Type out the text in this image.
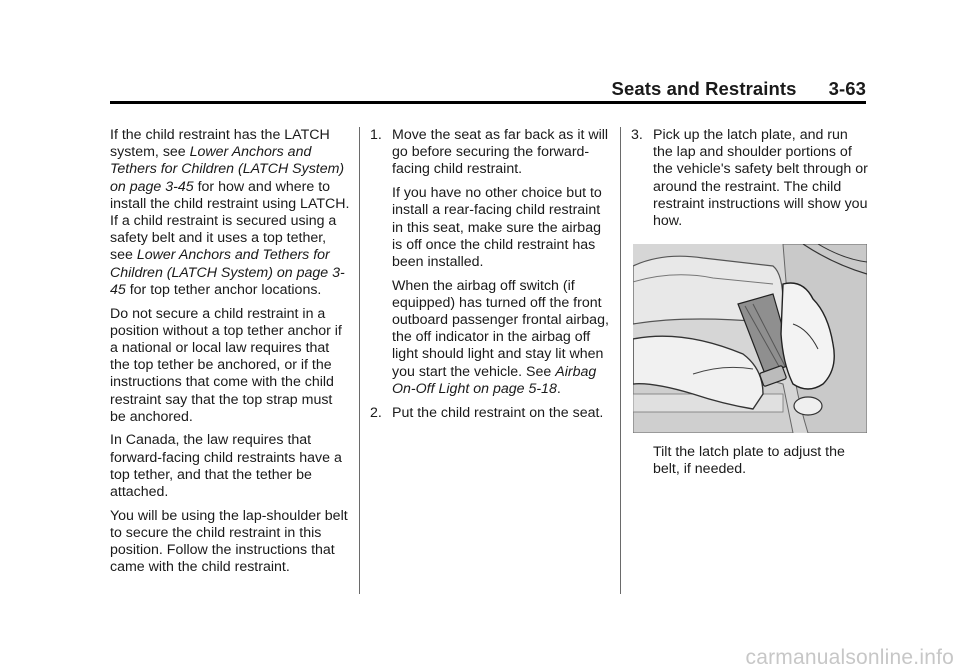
Seats and Restraints 3-63

If the child restraint has the LATCH system, see Lower Anchors and Tethers for Children (LATCH System) on page 3-45 for how and where to install the child restraint using LATCH. If a child restraint is secured using a safety belt and it uses a top tether, see Lower Anchors and Tethers for Children (LATCH System) on page 3-45 for top tether anchor locations.

Do not secure a child restraint in a position without a top tether anchor if a national or local law requires that the top tether be anchored, or if the instructions that come with the child restraint say that the top strap must be anchored.

In Canada, the law requires that forward-facing child restraints have a top tether, and that the tether be attached.

You will be using the lap-shoulder belt to secure the child restraint in this position. Follow the instructions that came with the child restraint.

1. Move the seat as far back as it will go before securing the forward-facing child restraint.

If you have no other choice but to install a rear-facing child restraint in this seat, make sure the airbag is off once the child restraint has been installed.

When the airbag off switch (if equipped) has turned off the front outboard passenger frontal airbag, the off indicator in the airbag off light should light and stay lit when you start the vehicle. See Airbag On-Off Light on page 5-18.

2. Put the child restraint on the seat.

3. Pick up the latch plate, and run the lap and shoulder portions of the vehicle's safety belt through or around the restraint. The child restraint instructions will show you how.

Tilt the latch plate to adjust the belt, if needed.
carmanualsonline.info
